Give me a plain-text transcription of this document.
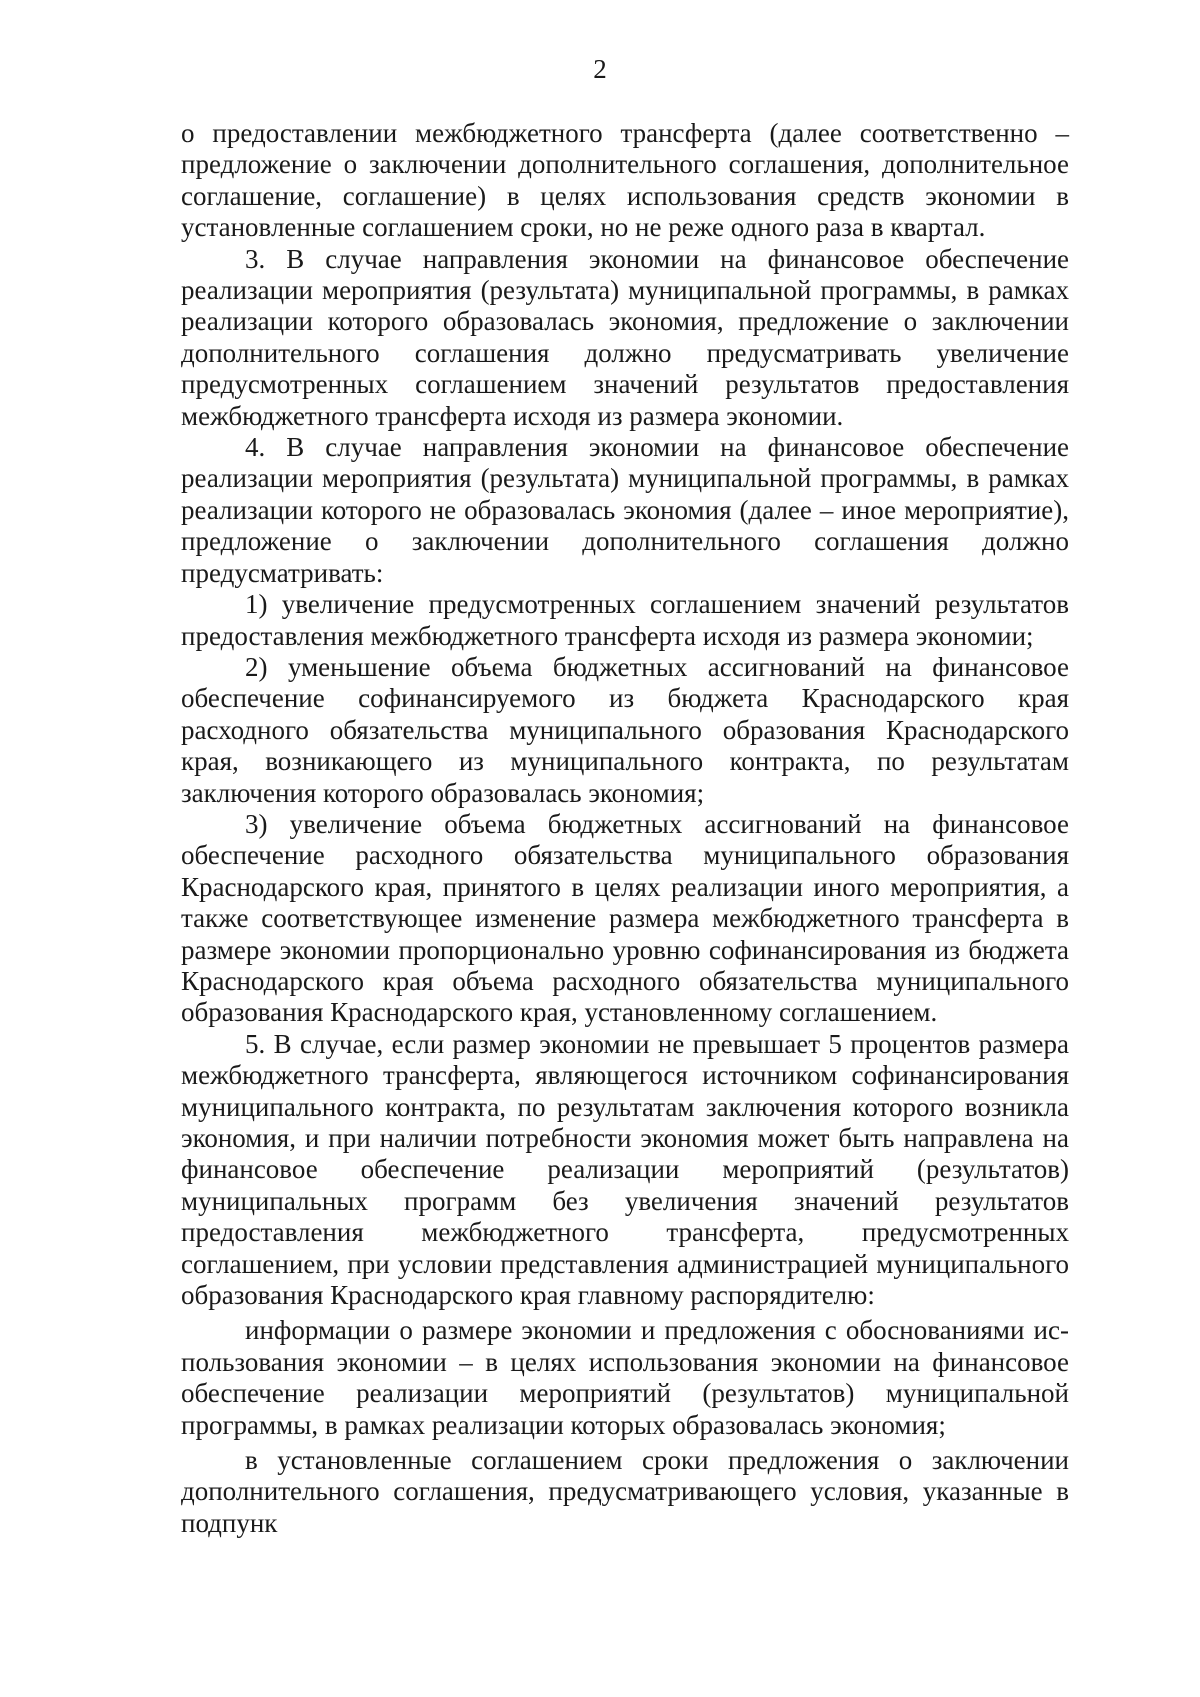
2

о предоставлении межбюджетного трансферта (далее соответственно – предложение о заключении дополнительного соглашения, дополнительное соглашение, соглашение) в целях использования средств экономии в установленные соглашением сроки, но не реже одного раза в квартал.

3. В случае направления экономии на финансовое обеспечение реализации мероприятия (результата) муниципальной программы, в рамках реализации которого образовалась экономия, предложение о заключении дополнительного соглашения должно предусматривать увеличение предусмотренных соглашением значений результатов предоставления межбюджетного трансферта исходя из размера экономии.

4. В случае направления экономии на финансовое обеспечение реализации мероприятия (результата) муниципальной программы, в рамках реализации которого не образовалась экономия (далее – иное мероприятие), предложение о заключении дополнительного соглашения должно предусматривать:

1) увеличение предусмотренных соглашением значений результатов предоставления межбюджетного трансферта исходя из размера экономии;

2) уменьшение объема бюджетных ассигнований на финансовое обеспечение софинансируемого из бюджета Краснодарского края расходного обязательства муниципального образования Краснодарского края, возникающего из муниципального контракта, по результатам заключения которого образовалась экономия;

3) увеличение объема бюджетных ассигнований на финансовое обеспечение расходного обязательства муниципального образования Краснодарского края, принятого в целях реализации иного мероприятия, а также соответствующее изменение размера межбюджетного трансферта в размере экономии пропорционально уровню софинансирования из бюджета Краснодарского края объема расходного обязательства муниципального образования Краснодарского края, установленному соглашением.

5. В случае, если размер экономии не превышает 5 процентов размера межбюджетного трансферта, являющегося источником софинансирования муниципального контракта, по результатам заключения которого возникла экономия, и при наличии потребности экономия может быть направлена на финансовое обеспечение реализации мероприятий (результатов) муниципальных программ без увеличения значений результатов предоставления межбюджетного трансферта, предусмотренных соглашением, при условии представления администрацией муниципального образования Краснодарского края главному распорядителю:

информации о размере экономии и предложения с обоснованиями использования экономии – в целях использования экономии на финансовое обеспечение реализации мероприятий (результатов) муниципальной программы, в рамках реализации которых образовалась экономия;

в установленные соглашением сроки предложения о заключении дополнительного соглашения, предусматривающего условия, указанные в подпунк
